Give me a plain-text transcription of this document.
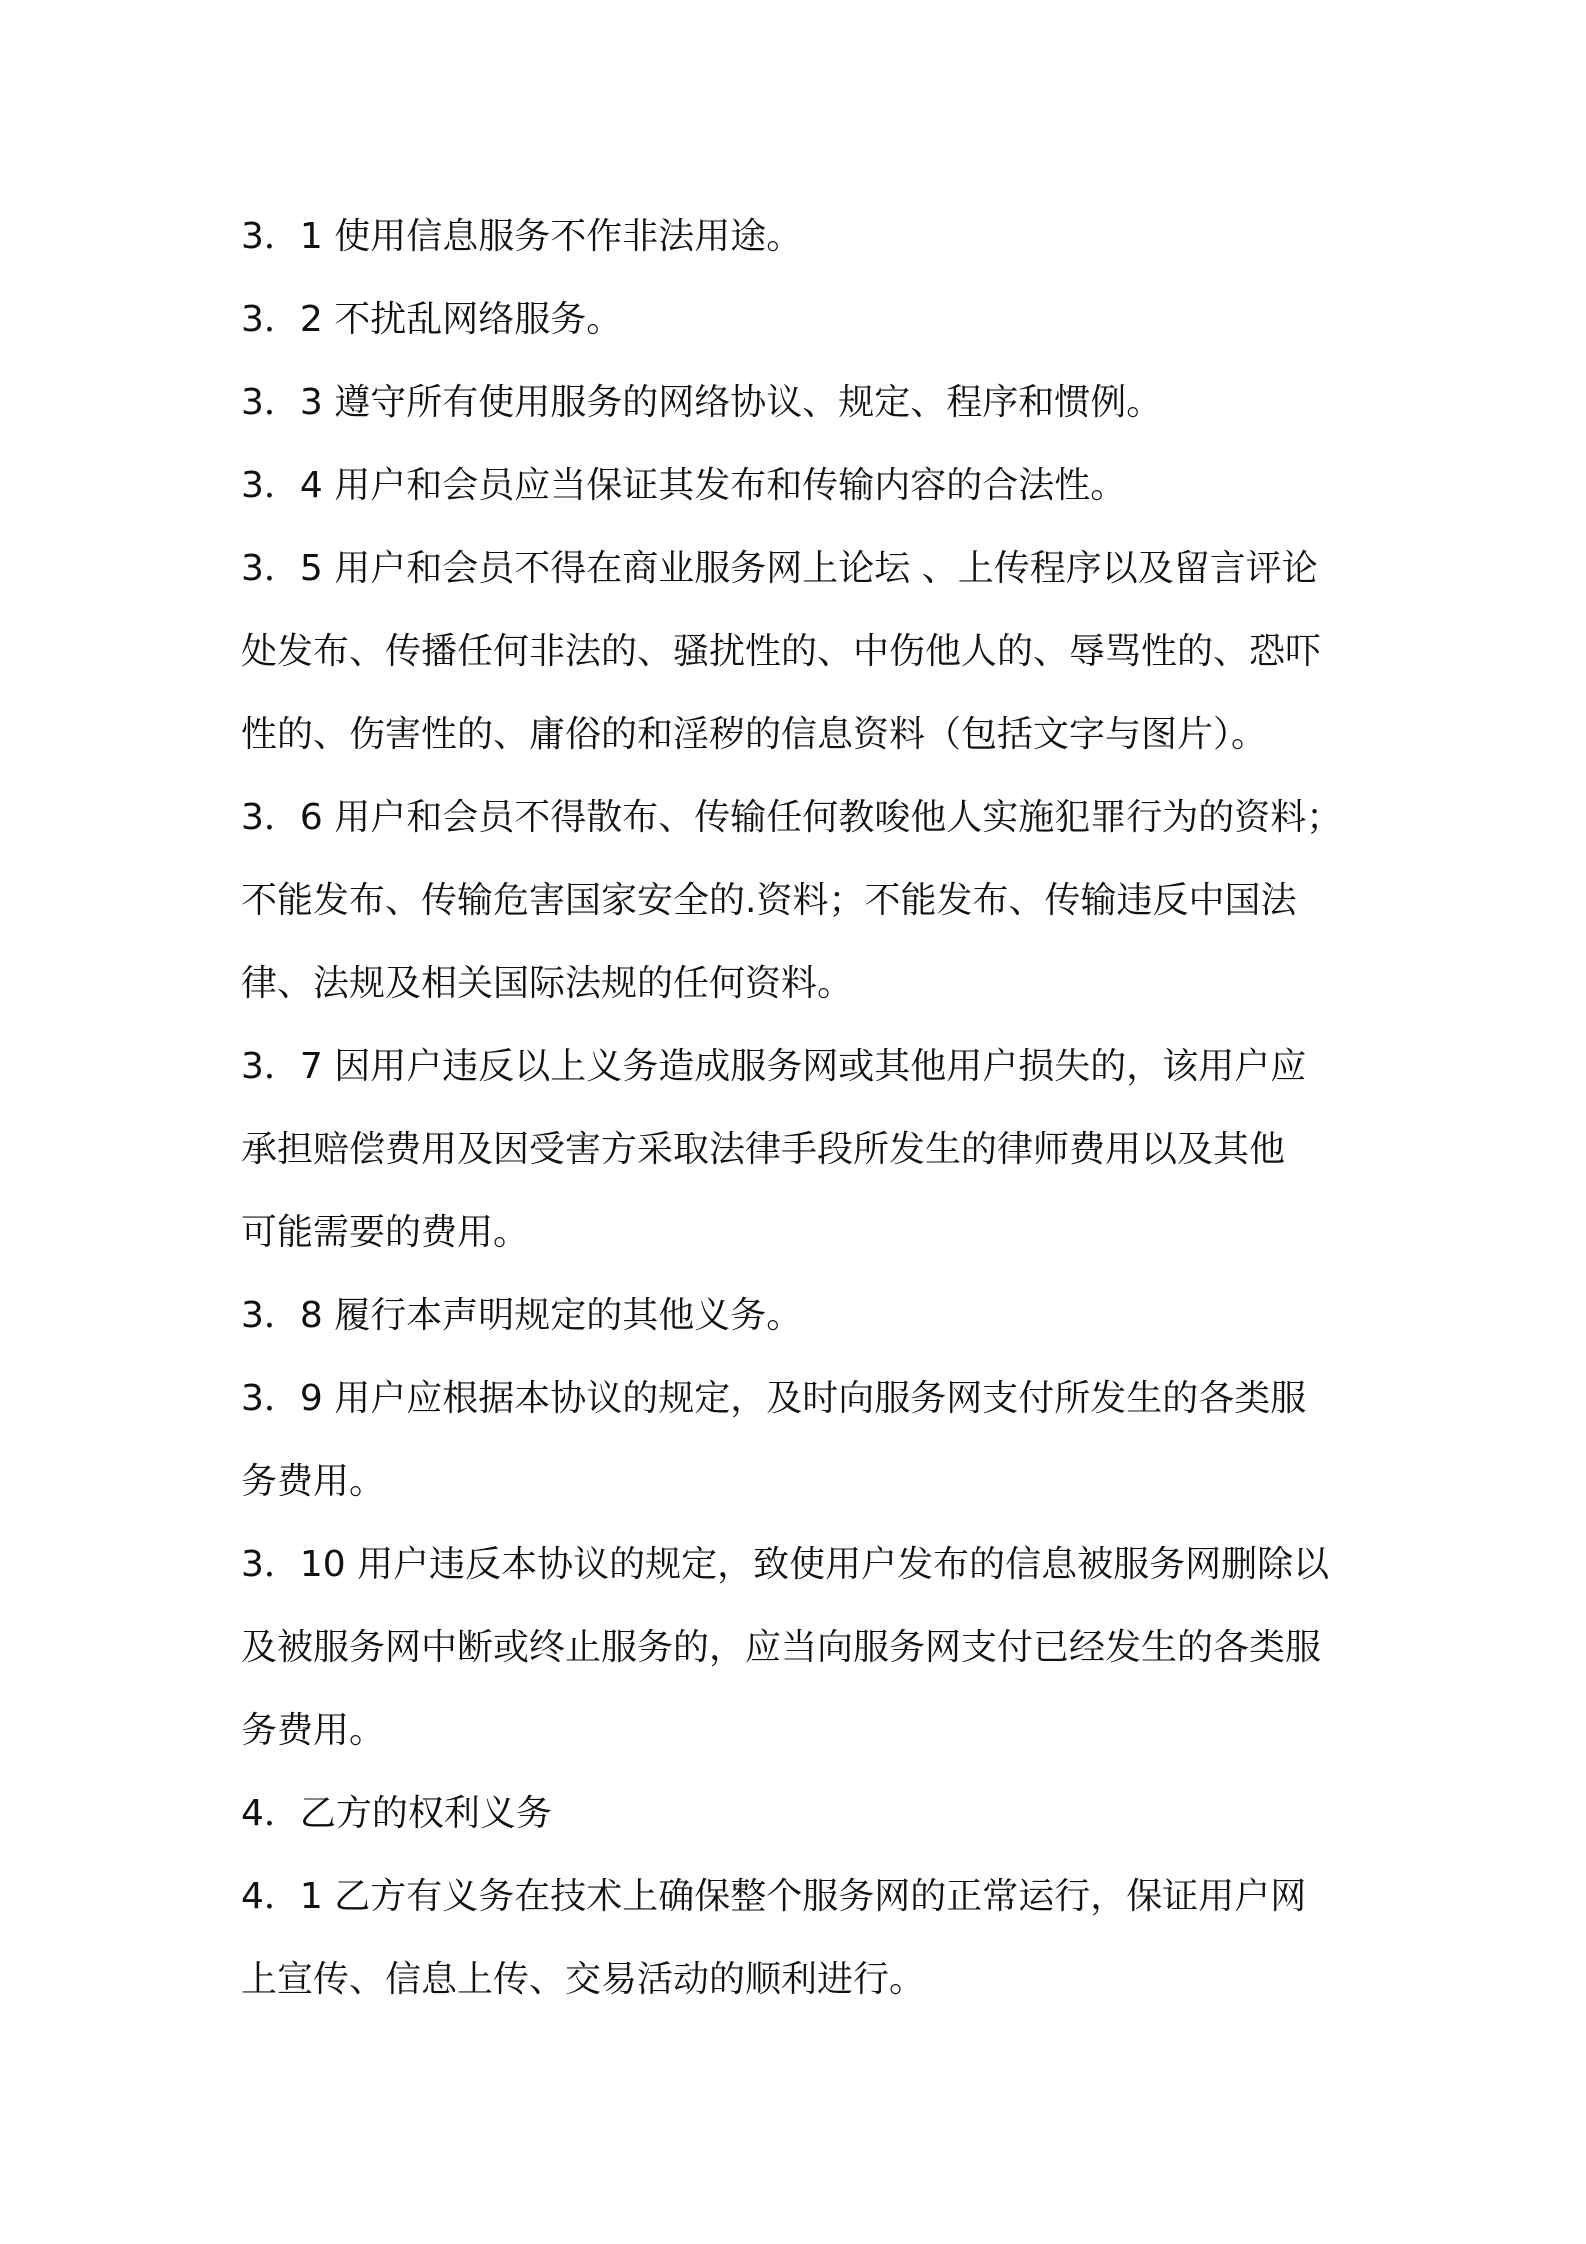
3．1 使用信息服务不作非法用途。
3．2 不扰乱网络服务。
3．3 遵守所有使用服务的网络协议、规定、程序和惯例。
3．4 用户和会员应当保证其发布和传输内容的合法性。
3．5 用户和会员不得在商业服务网上论坛 、上传程序以及留言评论
处发布、传播任何非法的、骚扰性的、中伤他人的、辱骂性的、恐吓
性的、伤害性的、庸俗的和淫秽的信息资料（包括文字与图片）。
3．6 用户和会员不得散布、传输任何教唆他人实施犯罪行为的资料；
不能发布、传输危害国家安全的.资料；不能发布、传输违反中国法
律、法规及相关国际法规的任何资料。
3．7 因用户违反以上义务造成服务网或其他用户损失的，该用户应
承担赔偿费用及因受害方采取法律手段所发生的律师费用以及其他
可能需要的费用。
3．8 履行本声明规定的其他义务。
3．9 用户应根据本协议的规定，及时向服务网支付所发生的各类服
务费用。
3．10 用户违反本协议的规定，致使用户发布的信息被服务网删除以
及被服务网中断或终止服务的，应当向服务网支付已经发生的各类服
务费用。
4．乙方的权利义务
4．1 乙方有义务在技术上确保整个服务网的正常运行，保证用户网
上宣传、信息上传、交易活动的顺利进行。
